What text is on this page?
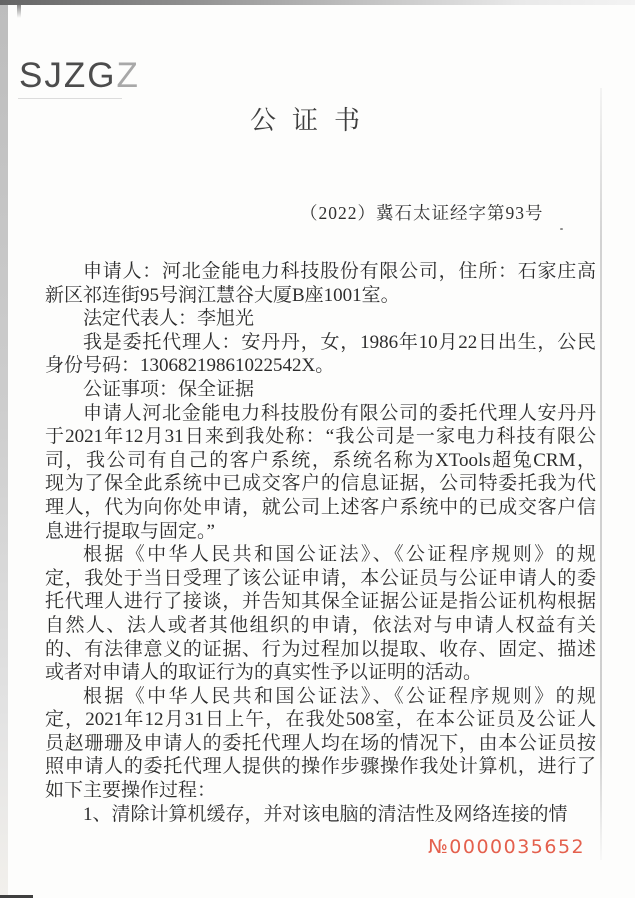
SJZGZ
公证书
（2022）冀石太证经字第93号
申请人：河北金能电力科技股份有限公司，住所：石家庄高
新区祁连街95号润江慧谷大厦B座1001室。
法定代表人：李旭光
我是委托代理人：安丹丹，女，1986年10月22日出生，公民
身份号码：13068219861022542X。
公证事项：保全证据
申请人河北金能电力科技股份有限公司的委托代理人安丹丹
于2021年12月31日来到我处称：“我公司是一家电力科技有限公
司，我公司有自己的客户系统，系统名称为XTools超兔CRM，
现为了保全此系统中已成交客户的信息证据，公司特委托我为代
理人，代为向你处申请，就公司上述客户系统中的已成交客户信
息进行提取与固定。”
根据《中华人民共和国公证法》、《公证程序规则》的规
定，我处于当日受理了该公证申请，本公证员与公证申请人的委
托代理人进行了接谈，并告知其保全证据公证是指公证机构根据
自然人、法人或者其他组织的申请，依法对与申请人权益有关
的、有法律意义的证据、行为过程加以提取、收存、固定、描述
或者对申请人的取证行为的真实性予以证明的活动。
根据《中华人民共和国公证法》、《公证程序规则》的规
定，2021年12月31日上午，在我处508室，在本公证员及公证人
员赵珊珊及申请人的委托代理人均在场的情况下，由本公证员按
照申请人的委托代理人提供的操作步骤操作我处计算机，进行了
如下主要操作过程：
1、清除计算机缓存，并对该电脑的清洁性及网络连接的情
№0000035652
